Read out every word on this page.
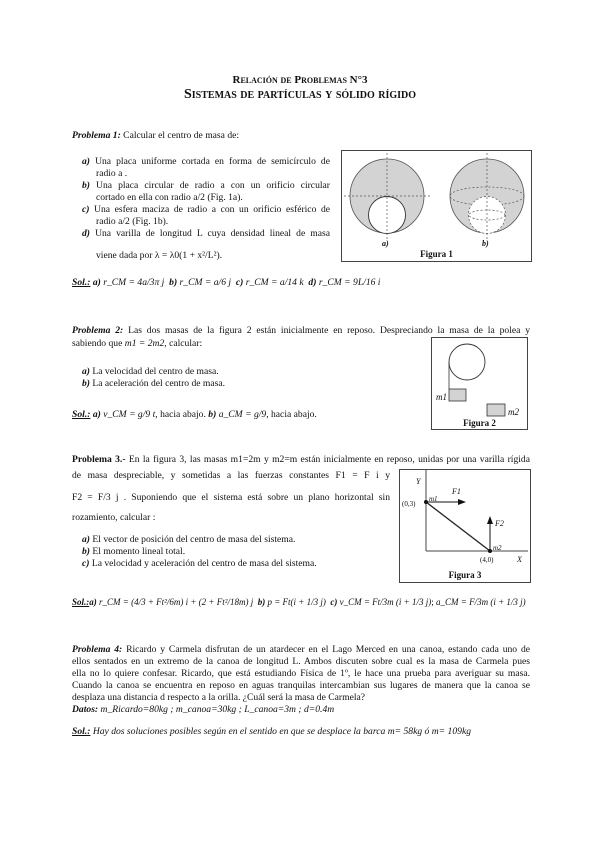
Relación de Problemas N°3
Sistemas de partículas y sólido rígido
Problema 1: Calcular el centro de masa de:
a) Una placa uniforme cortada en forma de semicírculo de
radio a .
b) Una placa circular de radio a con un orificio circular
cortado en ella con radio a/2 (Fig. 1a).
c) Una esfera maciza de radio a con un orificio esférico de
radio a/2 (Fig. 1b).
d) Una varilla de longitud L cuya densidad lineal de masa
viene dada por λ = λ0(1 + x²/L²).
Sol.: a) r_CM = 4a/3π j b) r_CM = a/6 j c) r_CM = a/14 k d) r_CM = 9L/16 i
a)	b)
Figura 1
Problema 2: Las dos masas de la figura 2 están inicialmente en reposo. Despreciando la masa de la polea y
sabiendo que m1 = 2m2, calcular:
a) La velocidad del centro de masa.
b) La aceleración del centro de masa.
Sol.: a) v_CM = g/9 t, hacia abajo. b) a_CM = g/9, hacia abajo.
m1
m2
Figura 2
Problema 3.- En la figura 3, las masas m1=2m y m2=m están inicialmente en reposo, unidas por una varilla rígida
de masa despreciable, y sometidas a las fuerzas constantes F1 = F i y
F2 = F/3 j . Suponiendo que el sistema está sobre un plano horizontal sin
rozamiento, calcular :
a) El vector de posición del centro de masa del sistema.
b) El momento lineal total.
c) La velocidad y aceleración del centro de masa del sistema.
Sol.:a) r_CM = (4/3 + Ft²/6m) i + (2 + Ft²/18m) j b) p = Ft(i + 1/3 j) c) v_CM = Ft/3m (i + 1/3 j); a_CM = F/3m (i + 1/3 j)
Y
X
(0,3)
(4,0)
m1
m2
F1
F2
Figura 3
Problema 4: Ricardo y Carmela disfrutan de un atardecer en el Lago Merced en una canoa, estando cada uno de
ellos sentados en un extremo de la canoa de longitud L. Ambos discuten sobre cual es la masa de Carmela pues
ella no lo quiere confesar. Ricardo, que está estudiando Física de 1º, le hace una prueba para averiguar su masa.
Cuando la canoa se encuentra en reposo en aguas tranquilas intercambian sus lugares de manera que la canoa se
desplaza una distancia d respecto a la orilla. ¿Cuál será la masa de Carmela?
Datos: m_Ricardo=80kg ; m_canoa=30kg ; L_canoa=3m ; d=0.4m
Sol.: Hay dos soluciones posibles según en el sentido en que se desplace la barca m= 58kg ó m= 109kg
